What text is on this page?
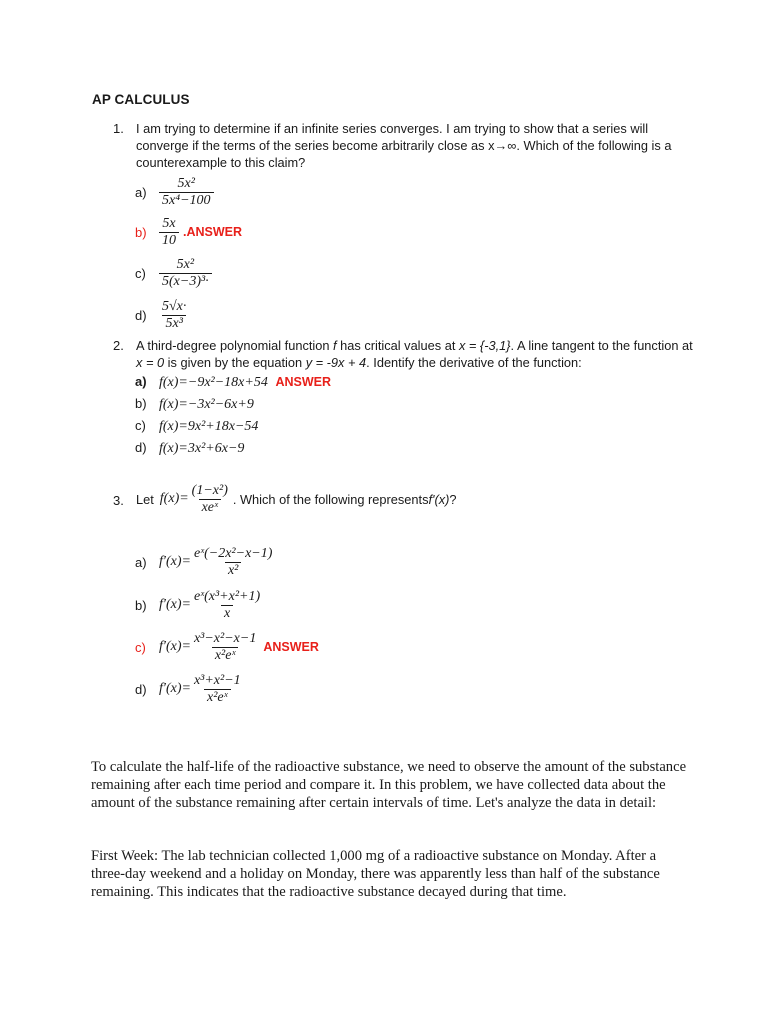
AP CALCULUS
1. I am trying to determine if an infinite series converges. I am trying to show that a series will converge if the terms of the series become arbitrarily close as x→∞. Which of the following is a counterexample to this claim?
$a) \frac{\text{5x²}}{\text{5x⁴−100}}$
$b) \frac{5x}{10}$ .ANSWER
$c) \frac{\text{5x²}}{\text{5(x−3)³·}}$
$d) \frac{5√x\cdot}{\text{5x³}}$
2. A third-degree polynomial function f has critical values at x = {-3,1}. A line tangent to the function at x = 0 is given by the equation y = -9x + 4. Identify the derivative of the function:
a) f(x)=−9x²−18x+54 ANSWER
b) f(x)=−3x²−6x+9
c) f(x)=9x²+18x−54
d) f(x)=3x²+6x−9
3. Let $f(x)= \frac{\text{(1−x²)}}{\text{xeˣ}}$ . Which of the following represents f'(x) ?
a) $f'(x)= \frac{\text{eˣ(−2x²−x−1)}}{\text{x²}}$
b) $f'(x)= \frac{\text{eˣ(x³+x²+1)}}{x}$
c) $f'(x)= \frac{\text{x³−x²−x−1}}{\text{x²eˣ}}$ ANSWER
d) $f'(x)= \frac{\text{x³+x²−1}}{\text{x²eˣ}}$
To calculate the half-life of the radioactive substance, we need to observe the amount of the substance remaining after each time period and compare it. In this problem, we have collected data about the amount of the substance remaining after certain intervals of time. Let's analyze the data in detail:
First Week: The lab technician collected 1,000 mg of a radioactive substance on Monday. After a three-day weekend and a holiday on Monday, there was apparently less than half of the substance remaining. This indicates that the radioactive substance decayed during that time.
